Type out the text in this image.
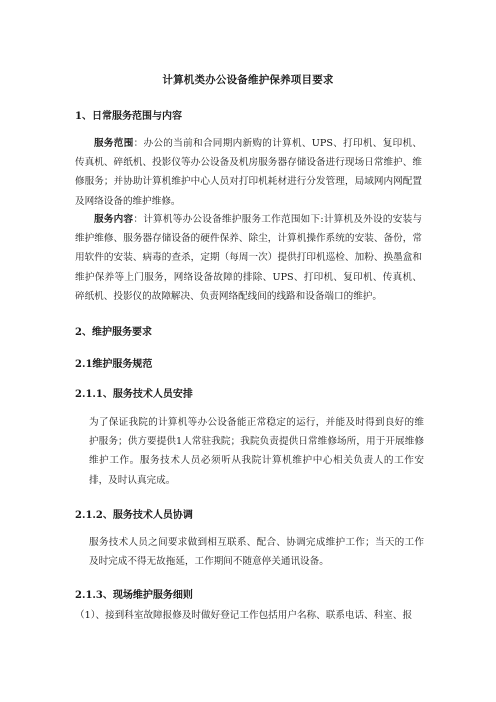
计算机类办公设备维护保养项目要求
1、日常服务范围与内容
服务范围：办公的当前和合同期内新购的计算机、UPS、打印机、复印机、传真机、碎纸机、投影仪等办公设备及机房服务器存储设备进行现场日常维护、维修服务；并协助计算机维护中心人员对打印机耗材进行分发管理，局域网内网配置及网络设备的维护维修。
服务内容：计算机等办公设备维护服务工作范围如下:计算机及外设的安装与维护维修、服务器存储设备的硬件保养、除尘，计算机操作系统的安装、备份，常用软件的安装、病毒的查杀，定期（每周一次）提供打印机巡检、加粉、换墨盒和维护保养等上门服务，网络设备故障的排除、UPS、打印机、复印机、传真机、碎纸机、投影仪的故障解决、负责网络配线间的线路和设备端口的维护。
2、维护服务要求
2.1维护服务规范
2.1.1、服务技术人员安排
为了保证我院的计算机等办公设备能正常稳定的运行，并能及时得到良好的维护服务；供方要提供1人常驻我院；我院负责提供日常维修场所，用于开展维修维护工作。服务技术人员必须听从我院计算机维护中心相关负责人的工作安排，及时认真完成。
2.1.2、服务技术人员协调
服务技术人员之间要求做到相互联系、配合、协调完成维护工作；当天的工作及时完成不得无故拖延，工作期间不随意停关通讯设备。
2.1.3、现场维护服务细则
（1）、接到科室故障报修及时做好登记工作包括用户名称、联系电话、科室、报
